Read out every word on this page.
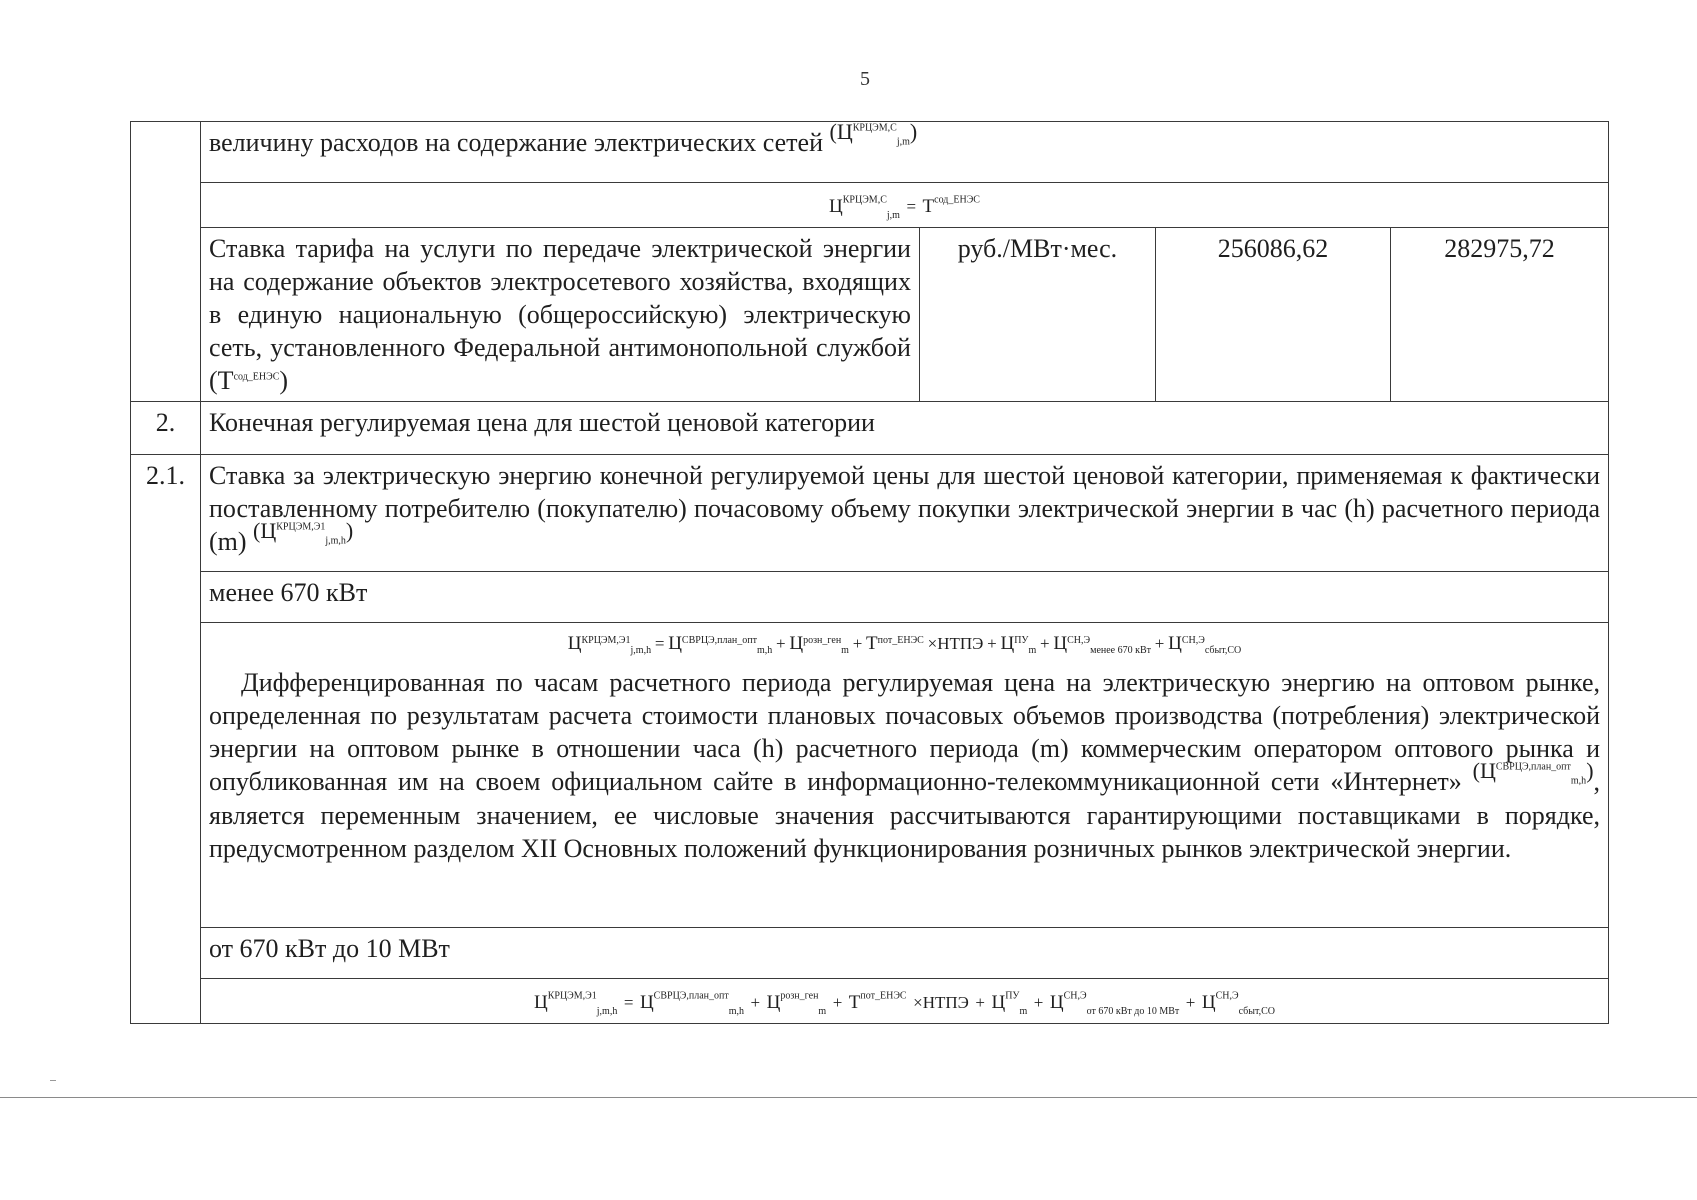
5
	величину расходов на содержание электрических сетей $^{(Ц^{КРЦЭМ,С}_{j,m})}$
	$Ц^{КРЦЭМ,С}_{j,m} = Т^{сод\_ЕНЭС}$
	Ставка тарифа на услуги по передаче электрической энергии на содержание объектов электросетевого хозяйства, входящих в единую национальную (общероссийскую) электрическую сеть, установленного Федеральной антимонопольной службой $(Т^{сод\_ЕНЭС})$	руб./МВт·мес.	256086,62	282975,72
2.	Конечная регулируемая цена для шестой ценовой категории			
2.1.	Ставка за электрическую энергию конечной регулируемой цены для шестой ценовой категории, применяемая к фактически поставленному потребителю (покупателю) почасовому объему покупки электрической энергии в час (h) расчетного периода (m) $^{(Ц^{КРЦЭМ,Э1}_{j,m,h})}$
	менее 670 кВт			

	$Ц^{КРЦЭМ,Э1}_{j,m,h} = Ц^{СВРЦЭ,план\_опт}_{m,h} + Ц^{розн\_ген}_m + Т^{пот\_ЕНЭС}$ ×НТПЭ + $Ц^{ПУ}_m + Ц^{СН,Э}_{менее 670 кВт} + Ц^{СН,Э}_{сбыт,СО}$

Дифференцированная по часам расчетного периода регулируемая цена на электрическую энергию на оптовом рынке, определенная по результатам расчета стоимости плановых почасовых объемов производства (потребления) электрической энергии на оптовом рынке в отношении часа (h) расчетного периода (m) коммерческим оператором оптового рынка и опубликованная им на своем официальном сайте в информационно-телекоммуникационной сети «Интернет» $^{(Ц^{СВРЦЭ,план\_опт}_{m,h})}$, является переменным значением, ее числовые значения рассчитываются гарантирующими поставщиками в порядке, предусмотренном разделом XII Основных положений функционирования розничных рынков электрической энергии.			

	от 670 кВт до 10 МВт			
	$Ц^{КРЦЭМ,Э1}_{j,m,h} = Ц^{СВРЦЭ,план\_опт}_{m,h} + Ц^{розн\_ген}_m + Т^{пот\_ЕНЭС}$ ×НТПЭ + $Ц^{ПУ}_m + Ц^{СН,Э}_{от 670 кВт до 10 МВт} + Ц^{СН,Э}_{сбыт,СО}$
